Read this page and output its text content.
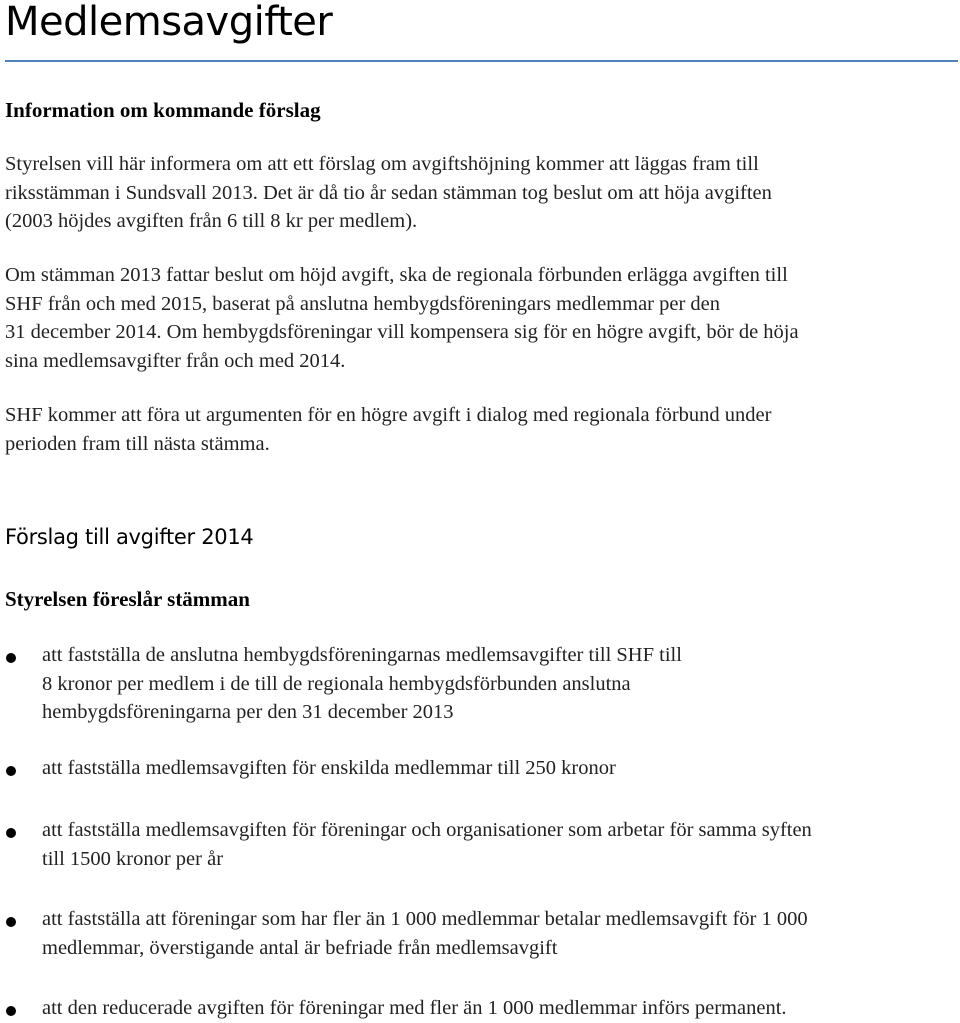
Medlemsavgifter
Information om kommande förslag

Styrelsen vill här informera om att ett förslag om avgiftshöjning kommer att läggas fram till
riksstämman i Sundsvall 2013. Det är då tio år sedan stämman tog beslut om att höja avgiften
(2003 höjdes avgiften från 6 till 8 kr per medlem).

Om stämman 2013 fattar beslut om höjd avgift, ska de regionala förbunden erlägga avgiften till
SHF från och med 2015, baserat på anslutna hembygdsföreningars medlemmar per den
31 december 2014. Om hembygdsföreningar vill kompensera sig för en högre avgift, bör de höja
sina medlemsavgifter från och med 2014.

SHF kommer att föra ut argumenten för en högre avgift i dialog med regionala förbund under
perioden fram till nästa stämma.

Förslag till avgifter 2014
Styrelsen föreslår stämman
att fastställa de anslutna hembygdsföreningarnas medlemsavgifter till SHF till
8 kronor per medlem i de till de regionala hembygdsförbunden anslutna
hembygdsföreningarna per den 31 december 2013
att fastställa medlemsavgiften för enskilda medlemmar till 250 kronor
att fastställa medlemsavgiften för föreningar och organisationer som arbetar för samma syften
till 1500 kronor per år
att fastställa att föreningar som har fler än 1 000 medlemmar betalar medlemsavgift för 1 000
medlemmar, överstigande antal är befriade från medlemsavgift
att den reducerade avgiften för föreningar med fler än 1 000 medlemmar införs permanent.
